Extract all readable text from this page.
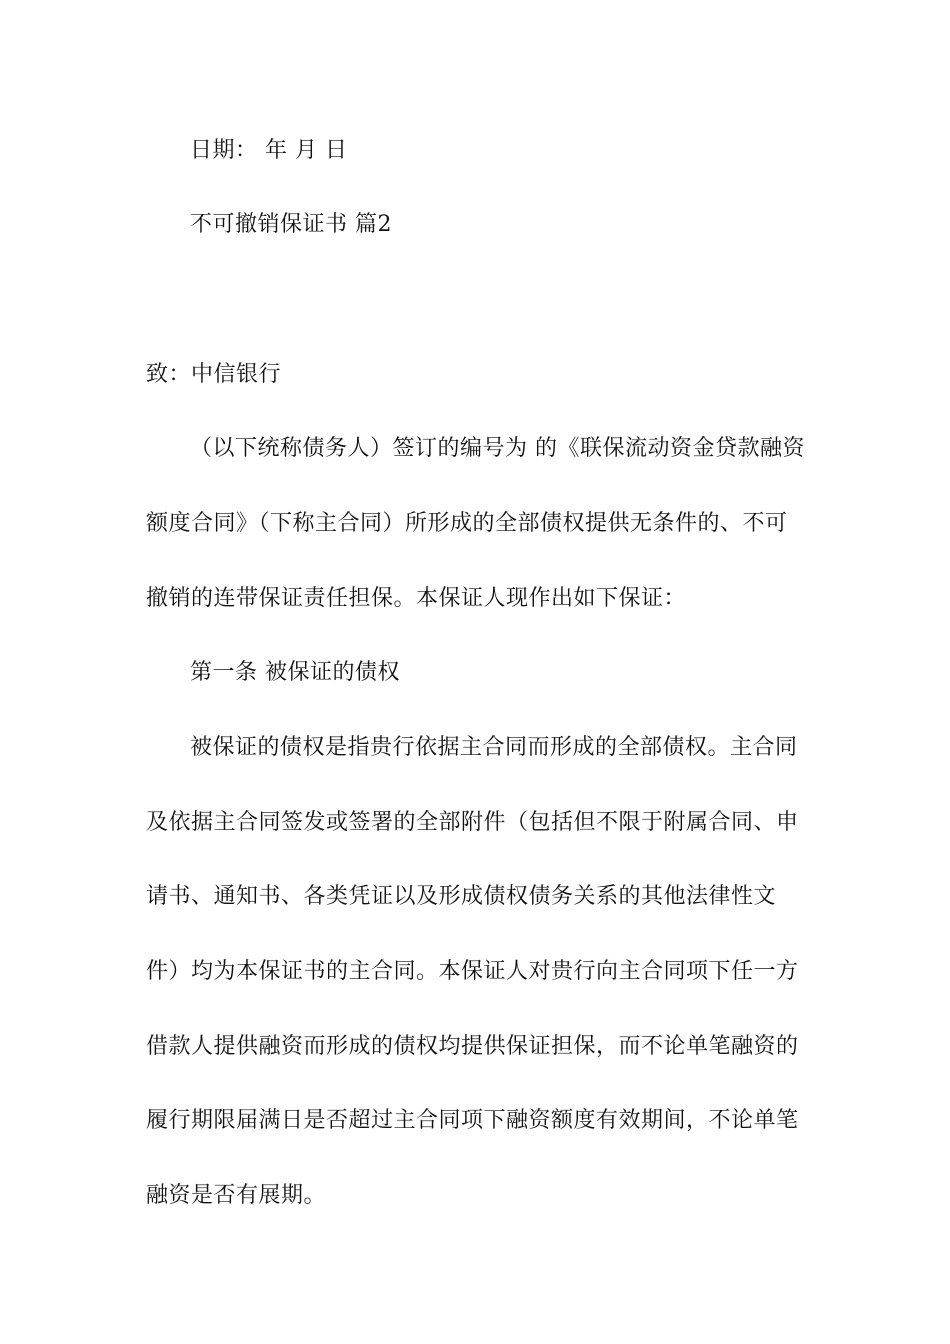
日期： 年 月 日
不可撤销保证书 篇2
致：中信银行
（以下统称债务人）签订的编号为 的《联保流动资金贷款融资
额度合同》（下称主合同）所形成的全部债权提供无条件的、不可
撤销的连带保证责任担保。本保证人现作出如下保证：
第一条 被保证的债权
被保证的债权是指贵行依据主合同而形成的全部债权。主合同
及依据主合同签发或签署的全部附件（包括但不限于附属合同、申
请书、通知书、各类凭证以及形成债权债务关系的其他法律性文
件）均为本保证书的主合同。本保证人对贵行向主合同项下任一方
借款人提供融资而形成的债权均提供保证担保，而不论单笔融资的
履行期限届满日是否超过主合同项下融资额度有效期间，不论单笔
融资是否有展期。
